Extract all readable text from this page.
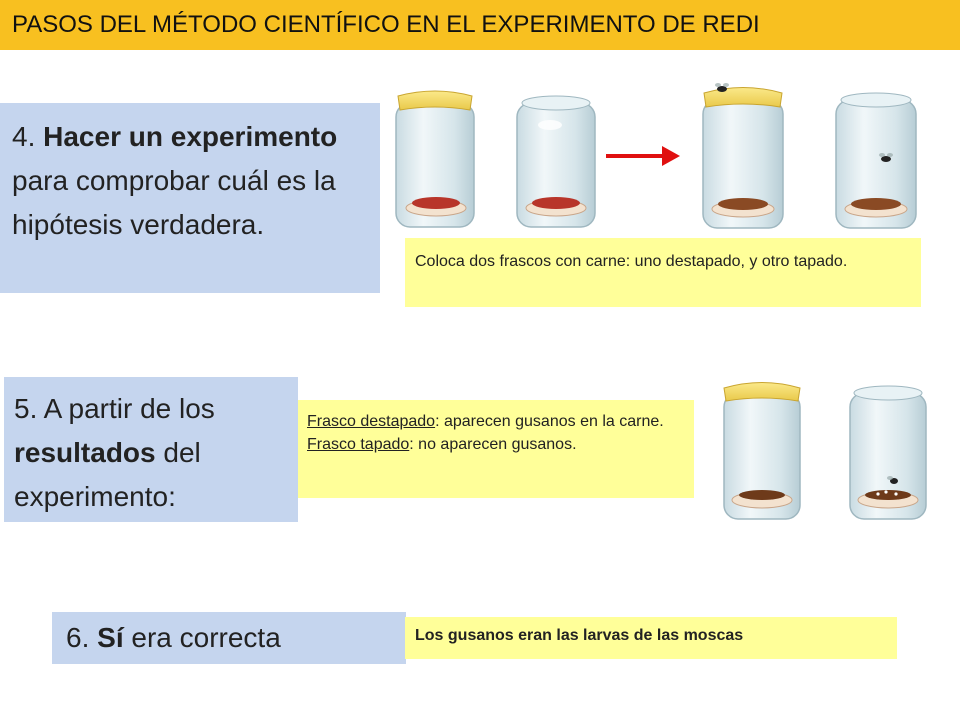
PASOS DEL MÉTODO CIENTÍFICO EN EL EXPERIMENTO DE REDI
4. Hacer un experimento para comprobar cuál es la hipótesis verdadera.
Coloca dos frascos con carne: uno destapado, y otro tapado.
5. A partir de los resultados del experimento:
Frasco destapado: aparecen gusanos en la carne.
Frasco tapado: no aparecen gusanos.
6. Sí era correcta	Los gusanos eran las larvas de las moscas
